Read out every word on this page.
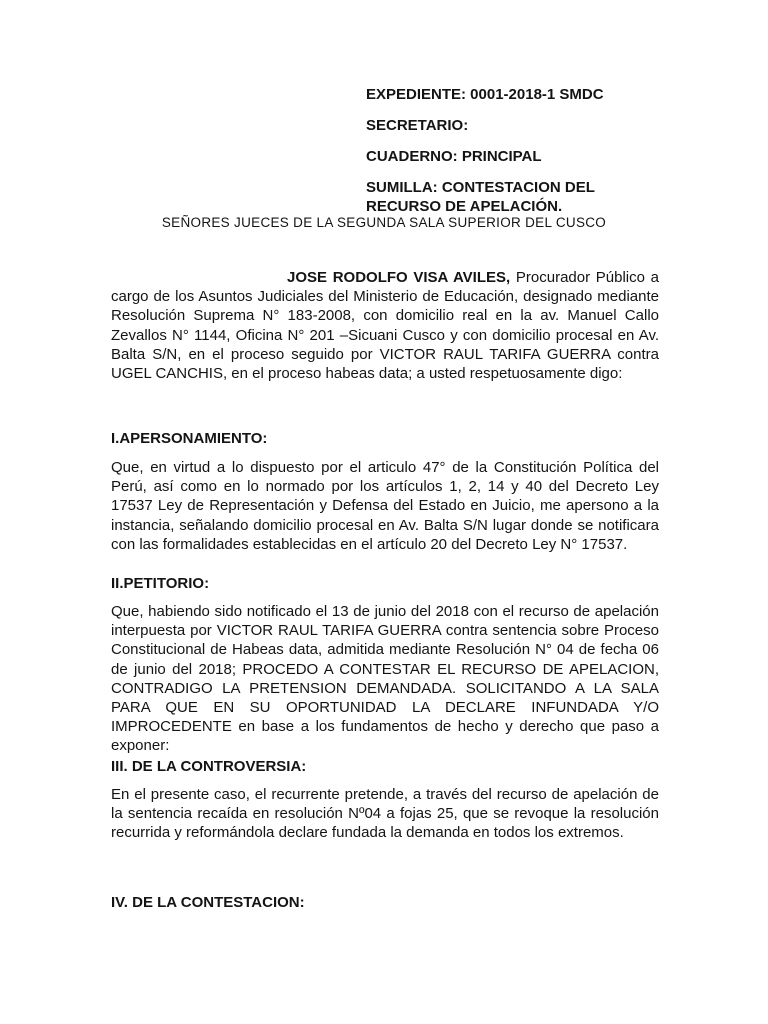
EXPEDIENTE: 0001-2018-1 SMDC

SECRETARIO:

CUADERNO: PRINCIPAL

SUMILLA: CONTESTACION DEL

RECURSO DE APELACIÓN.

SEÑORES JUECES DE LA SEGUNDA SALA SUPERIOR DEL CUSCO

JOSE RODOLFO VISA AVILES, Procurador Público a cargo de los Asuntos Judiciales del Ministerio de Educación, designado mediante Resolución Suprema N° 183-2008, con domicilio real en la av. Manuel Callo Zevallos N° 1144, Oficina N° 201 –Sicuani Cusco y con domicilio procesal en Av. Balta S/N, en el proceso seguido por VICTOR RAUL TARIFA GUERRA contra UGEL CANCHIS, en el proceso habeas data; a usted respetuosamente digo:

I.APERSONAMIENTO:

Que, en virtud a lo dispuesto por el articulo 47° de la Constitución Política del Perú, así como en lo normado por los artículos 1, 2, 14 y 40 del Decreto Ley 17537 Ley de Representación y Defensa del Estado en Juicio, me apersono a la instancia, señalando domicilio procesal en Av. Balta S/N lugar donde se notificara con las formalidades establecidas en el artículo 20 del Decreto Ley N° 17537.

II.PETITORIO:

Que, habiendo sido notificado el 13 de junio del 2018 con el recurso de apelación interpuesta por VICTOR RAUL TARIFA GUERRA contra sentencia sobre Proceso Constitucional de Habeas data, admitida mediante Resolución N° 04 de fecha 06 de junio del 2018; PROCEDO A CONTESTAR EL RECURSO DE APELACION, CONTRADIGO LA PRETENSION DEMANDADA. SOLICITANDO A LA SALA PARA QUE EN SU OPORTUNIDAD LA DECLARE INFUNDADA Y/O IMPROCEDENTE en base a los fundamentos de hecho y derecho que paso a exponer:

III. DE LA CONTROVERSIA:

En el presente caso, el recurrente pretende, a través del recurso de apelación de la sentencia recaída en resolución Nº04 a fojas 25, que se revoque la resolución recurrida y reformándola declare fundada la demanda en todos los extremos.

IV. DE LA CONTESTACION:
